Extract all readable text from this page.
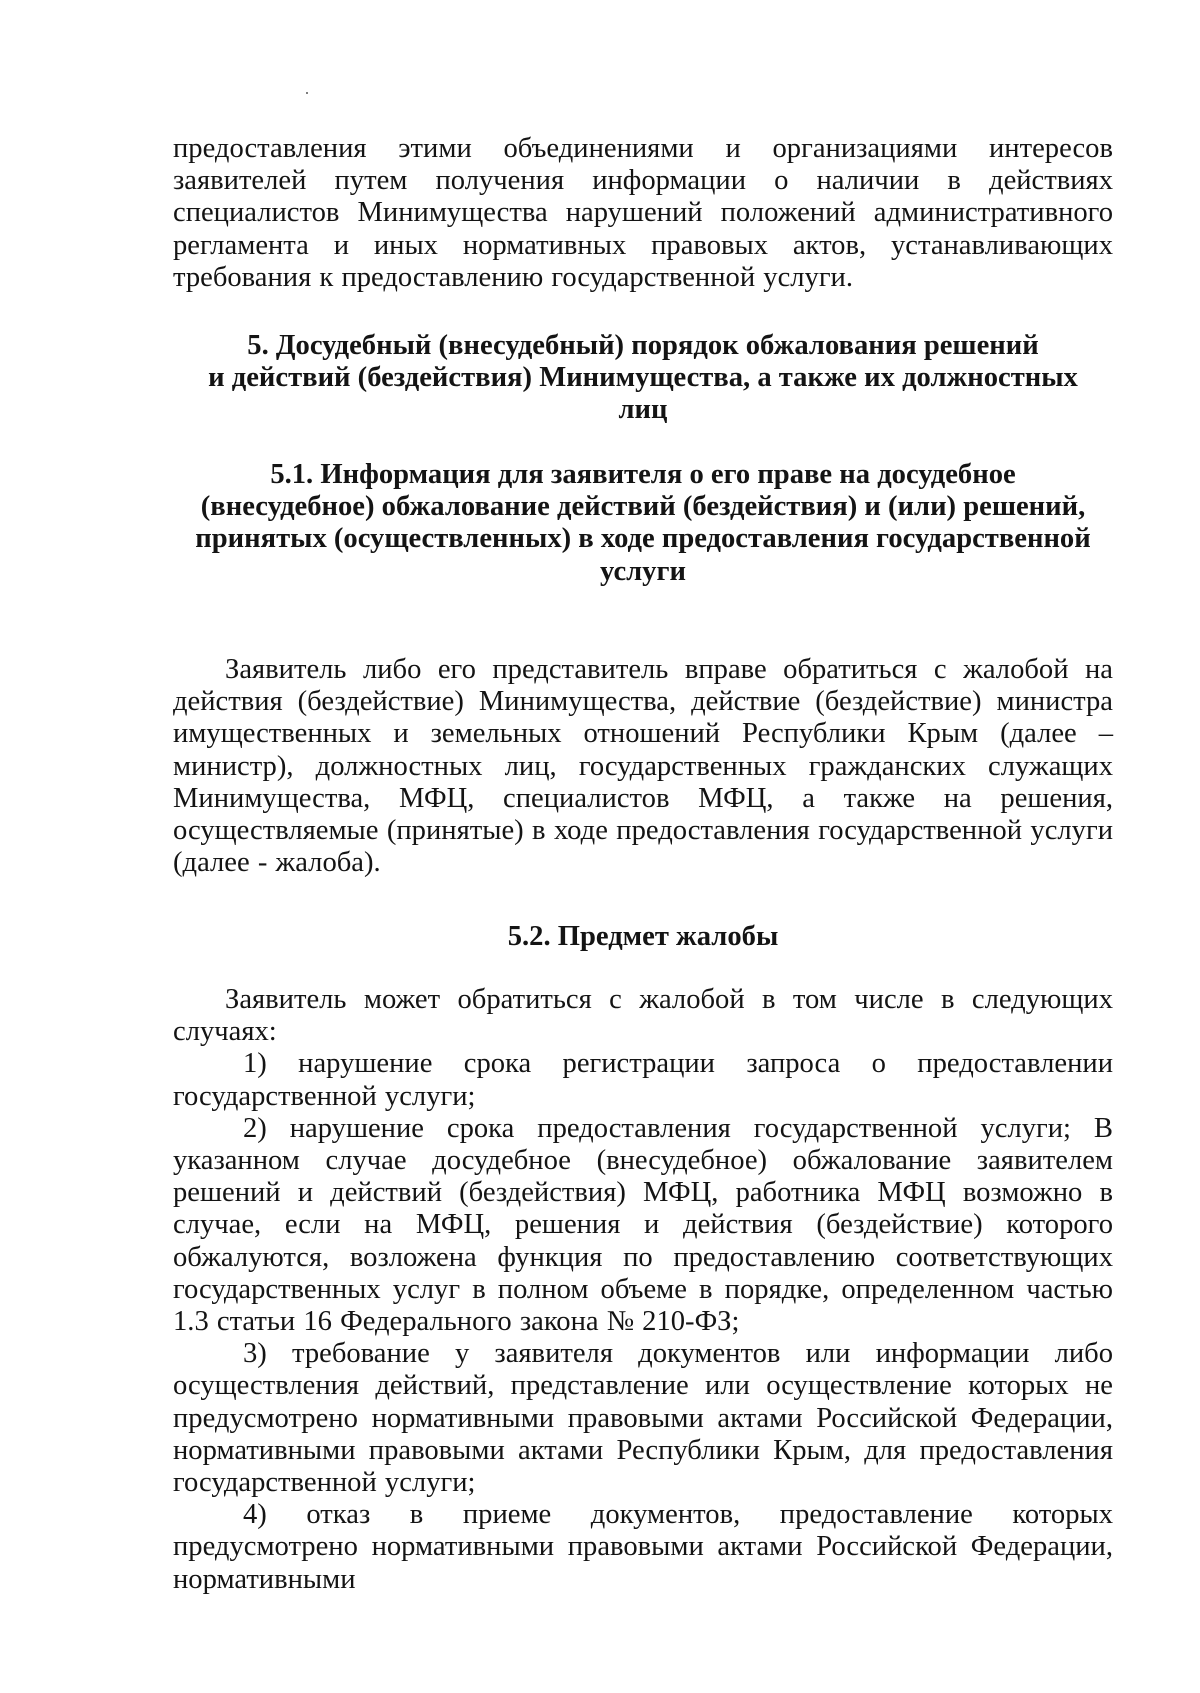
предоставления этими объединениями и организациями интересов заявителей путем получения информации о наличии в действиях специалистов Минимущества нарушений положений административного регламента и иных нормативных правовых актов, устанавливающих требования к предоставлению государственной услуги.

5. Досудебный (внесудебный) порядок обжалования решений
и действий (бездействия) Минимущества, а также их должностных
лиц
5.1. Информация для заявителя о его праве на досудебное
(внесудебное) обжалование действий (бездействия) и (или) решений,
принятых (осуществленных) в ходе предоставления государственной
услуги

Заявитель либо его представитель вправе обратиться с жалобой на действия (бездействие) Минимущества, действие (бездействие) министра имущественных и земельных отношений Республики Крым (далее – министр), должностных лиц, государственных гражданских служащих Минимущества, МФЦ, специалистов МФЦ, а также на решения, осуществляемые (принятые) в ходе предоставления государственной услуги (далее - жалоба).

5.2. Предмет жалобы

Заявитель может обратиться с жалобой в том числе в следующих случаях:

1) нарушение срока регистрации запроса о предоставлении государственной услуги;

2) нарушение срока предоставления государственной услуги; В указанном случае досудебное (внесудебное) обжалование заявителем решений и действий (бездействия) МФЦ, работника МФЦ возможно в случае, если на МФЦ, решения и действия (бездействие) которого обжалуются, возложена функция по предоставлению соответствующих государственных услуг в полном объеме в порядке, определенном частью 1.3 статьи 16 Федерального закона № 210-ФЗ;

3) требование у заявителя документов или информации либо осуществления действий, представление или осуществление которых не предусмотрено нормативными правовыми актами Российской Федерации, нормативными правовыми актами Республики Крым, для предоставления государственной услуги;

4) отказ в приеме документов, предоставление которых предусмотрено нормативными правовыми актами Российской Федерации, нормативными
